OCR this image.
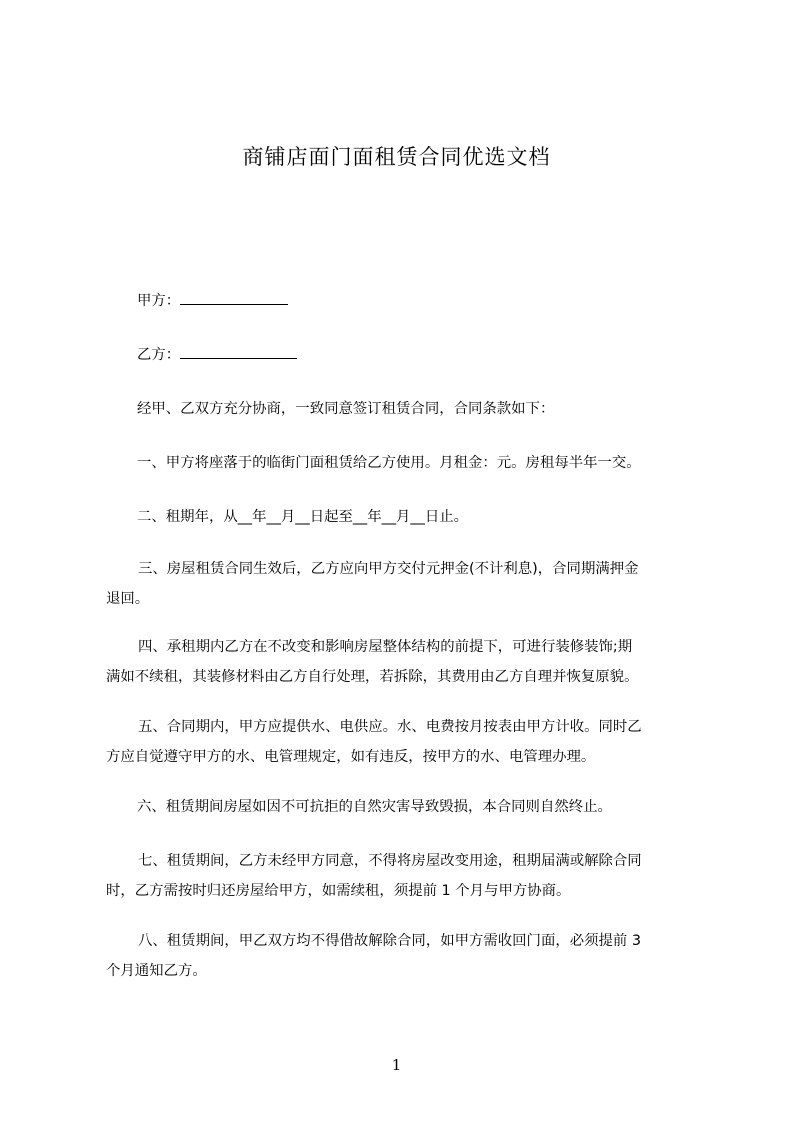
商铺店面门面租赁合同优选文档
甲方：
乙方：
经甲、乙双方充分协商，一致同意签订租赁合同，合同条款如下：
一、甲方将座落于的临街门面租赁给乙方使用。月租金：元。房租每半年一交。
二、租期年，从__年__月__日起至__年__月__日止。
三、房屋租赁合同生效后，乙方应向甲方交付元押金(不计利息)，合同期满押金
退回。
四、承租期内乙方在不改变和影响房屋整体结构的前提下，可进行装修装饰;期
满如不续租，其装修材料由乙方自行处理，若拆除，其费用由乙方自理并恢复原貌。
五、合同期内，甲方应提供水、电供应。水、电费按月按表由甲方计收。同时乙
方应自觉遵守甲方的水、电管理规定，如有违反，按甲方的水、电管理办理。
六、租赁期间房屋如因不可抗拒的自然灾害导致毁损，本合同则自然终止。
七、租赁期间，乙方未经甲方同意，不得将房屋改变用途，租期届满或解除合同
时，乙方需按时归还房屋给甲方，如需续租，须提前 1 个月与甲方协商。
八、租赁期间，甲乙双方均不得借故解除合同，如甲方需收回门面，必须提前 3
个月通知乙方。
1
